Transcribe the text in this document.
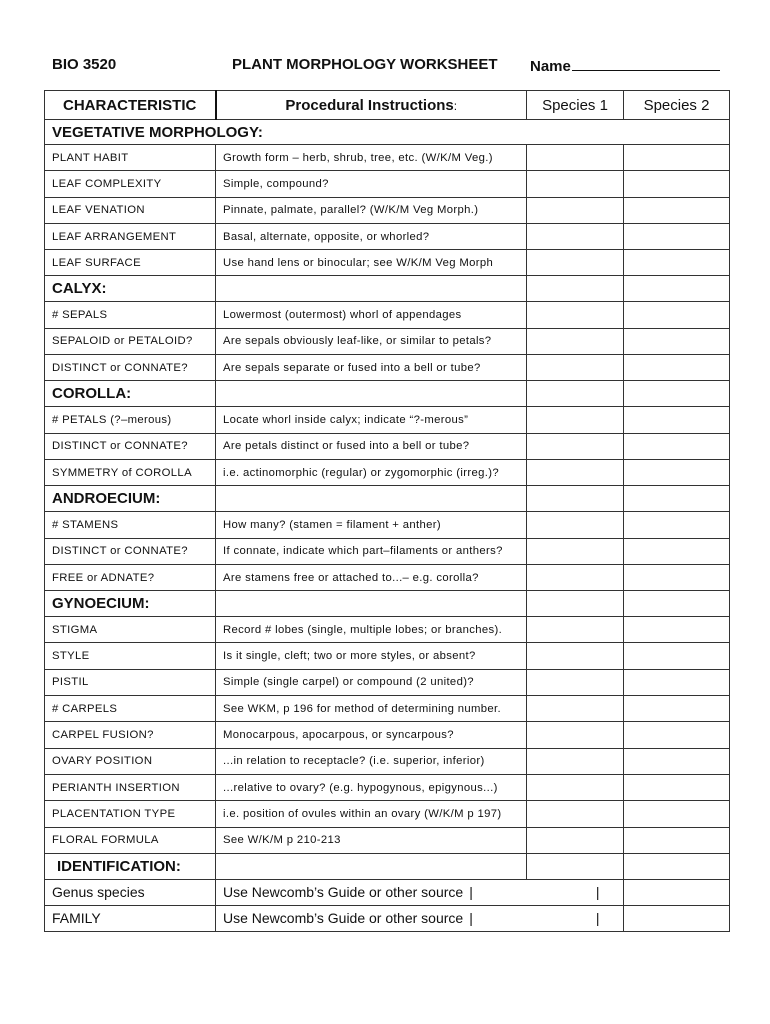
BIO 3520	PLANT MORPHOLOGY WORKSHEET Name
CHARACTERISTIC	Procedural Instructions:	Species 1	Species 2
VEGETATIVE MORPHOLOGY:			
PLANT HABIT	Growth form – herb, shrub, tree, etc. (W/K/M Veg.)		
LEAF COMPLEXITY	Simple, compound?		
LEAF VENATION	Pinnate, palmate, parallel? (W/K/M Veg Morph.)		
LEAF ARRANGEMENT	Basal, alternate, opposite, or whorled?		
LEAF SURFACE	Use hand lens or binocular; see W/K/M Veg Morph		
CALYX:			
# SEPALS	Lowermost (outermost) whorl of appendages		
SEPALOID or PETALOID?	Are sepals obviously leaf-like, or similar to petals?		
DISTINCT or CONNATE?	Are sepals separate or fused into a bell or tube?		
COROLLA:			
# PETALS (?–merous)	Locate whorl inside calyx; indicate “?-merous”		
DISTINCT or CONNATE?	Are petals distinct or fused into a bell or tube?		
SYMMETRY of COROLLA	i.e. actinomorphic (regular) or zygomorphic (irreg.)?		
ANDROECIUM:			
# STAMENS	How many? (stamen = filament + anther)		
DISTINCT or CONNATE?	If connate, indicate which part–filaments or anthers?		
FREE or ADNATE?	Are stamens free or attached to...– e.g. corolla?		
GYNOECIUM:			
STIGMA	Record # lobes (single, multiple lobes; or branches).		
STYLE	Is it single, cleft; two or more styles, or absent?		
PISTIL	Simple (single carpel) or compound (2 united)?		
# CARPELS	See WKM, p 196 for method of determining number.		
CARPEL FUSION?	Monocarpous, apocarpous, or syncarpous?		
OVARY POSITION	...in relation to receptacle? (i.e. superior, inferior)		
PERIANTH INSERTION	...relative to ovary? (e.g. hypogynous, epigynous...)		
PLACENTATION TYPE	i.e. position of ovules within an ovary (W/K/M p 197)		
FLORAL FORMULA	See W/K/M p 210-213		
IDENTIFICATION:			
Genus species	Use Newcomb’s Guide or other source | |		
FAMILY	Use Newcomb’s Guide or other source | |		
